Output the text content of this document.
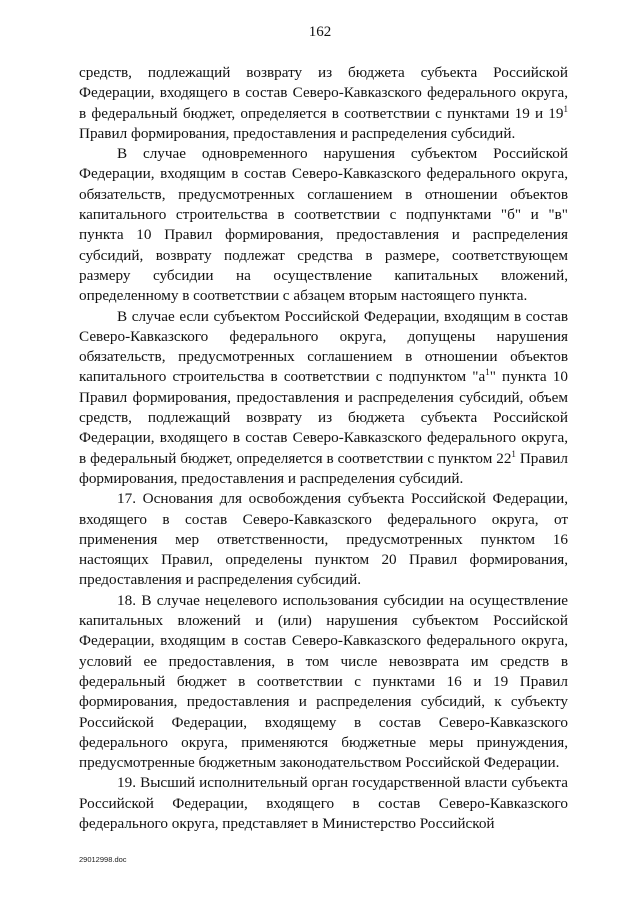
162

средств, подлежащий возврату из бюджета субъекта Российской Федерации, входящего в состав Северо-Кавказского федерального округа, в федеральный бюджет, определяется в соответствии с пунктами 19 и $19^1$ Правил формирования, предоставления и распределения субсидий.

В случае одновременного нарушения субъектом Российской Федерации, входящим в состав Северо-Кавказского федерального округа, обязательств, предусмотренных соглашением в отношении объектов капитального строительства в соответствии с подпунктами "б" и "в" пункта 10 Правил формирования, предоставления и распределения субсидий, возврату подлежат средства в размере, соответствующем размеру субсидии на осуществление капитальных вложений, определенному в соответствии с абзацем вторым настоящего пункта.

В случае если субъектом Российской Федерации, входящим в состав Северо-Кавказского федерального округа, допущены нарушения обязательств, предусмотренных соглашением в отношении объектов капитального строительства в соответствии с подпунктом "$а^1$" пункта 10 Правил формирования, предоставления и распределения субсидий, объем средств, подлежащий возврату из бюджета субъекта Российской Федерации, входящего в состав Северо-Кавказского федерального округа, в федеральный бюджет, определяется в соответствии с пунктом $22^1$ Правил формирования, предоставления и распределения субсидий.

17. Основания для освобождения субъекта Российской Федерации, входящего в состав Северо-Кавказского федерального округа, от применения мер ответственности, предусмотренных пунктом 16 настоящих Правил, определены пунктом 20 Правил формирования, предоставления и распределения субсидий.

18. В случае нецелевого использования субсидии на осуществление капитальных вложений и (или) нарушения субъектом Российской Федерации, входящим в состав Северо-Кавказского федерального округа, условий ее предоставления, в том числе невозврата им средств в федеральный бюджет в соответствии с пунктами 16 и 19 Правил формирования, предоставления и распределения субсидий, к субъекту Российской Федерации, входящему в состав Северо-Кавказского федерального округа, применяются бюджетные меры принуждения, предусмотренные бюджетным законодательством Российской Федерации.

19. Высший исполнительный орган государственной власти субъекта Российской Федерации, входящего в состав Северо-Кавказского федерального округа, представляет в Министерство Российской

29012998.doc
